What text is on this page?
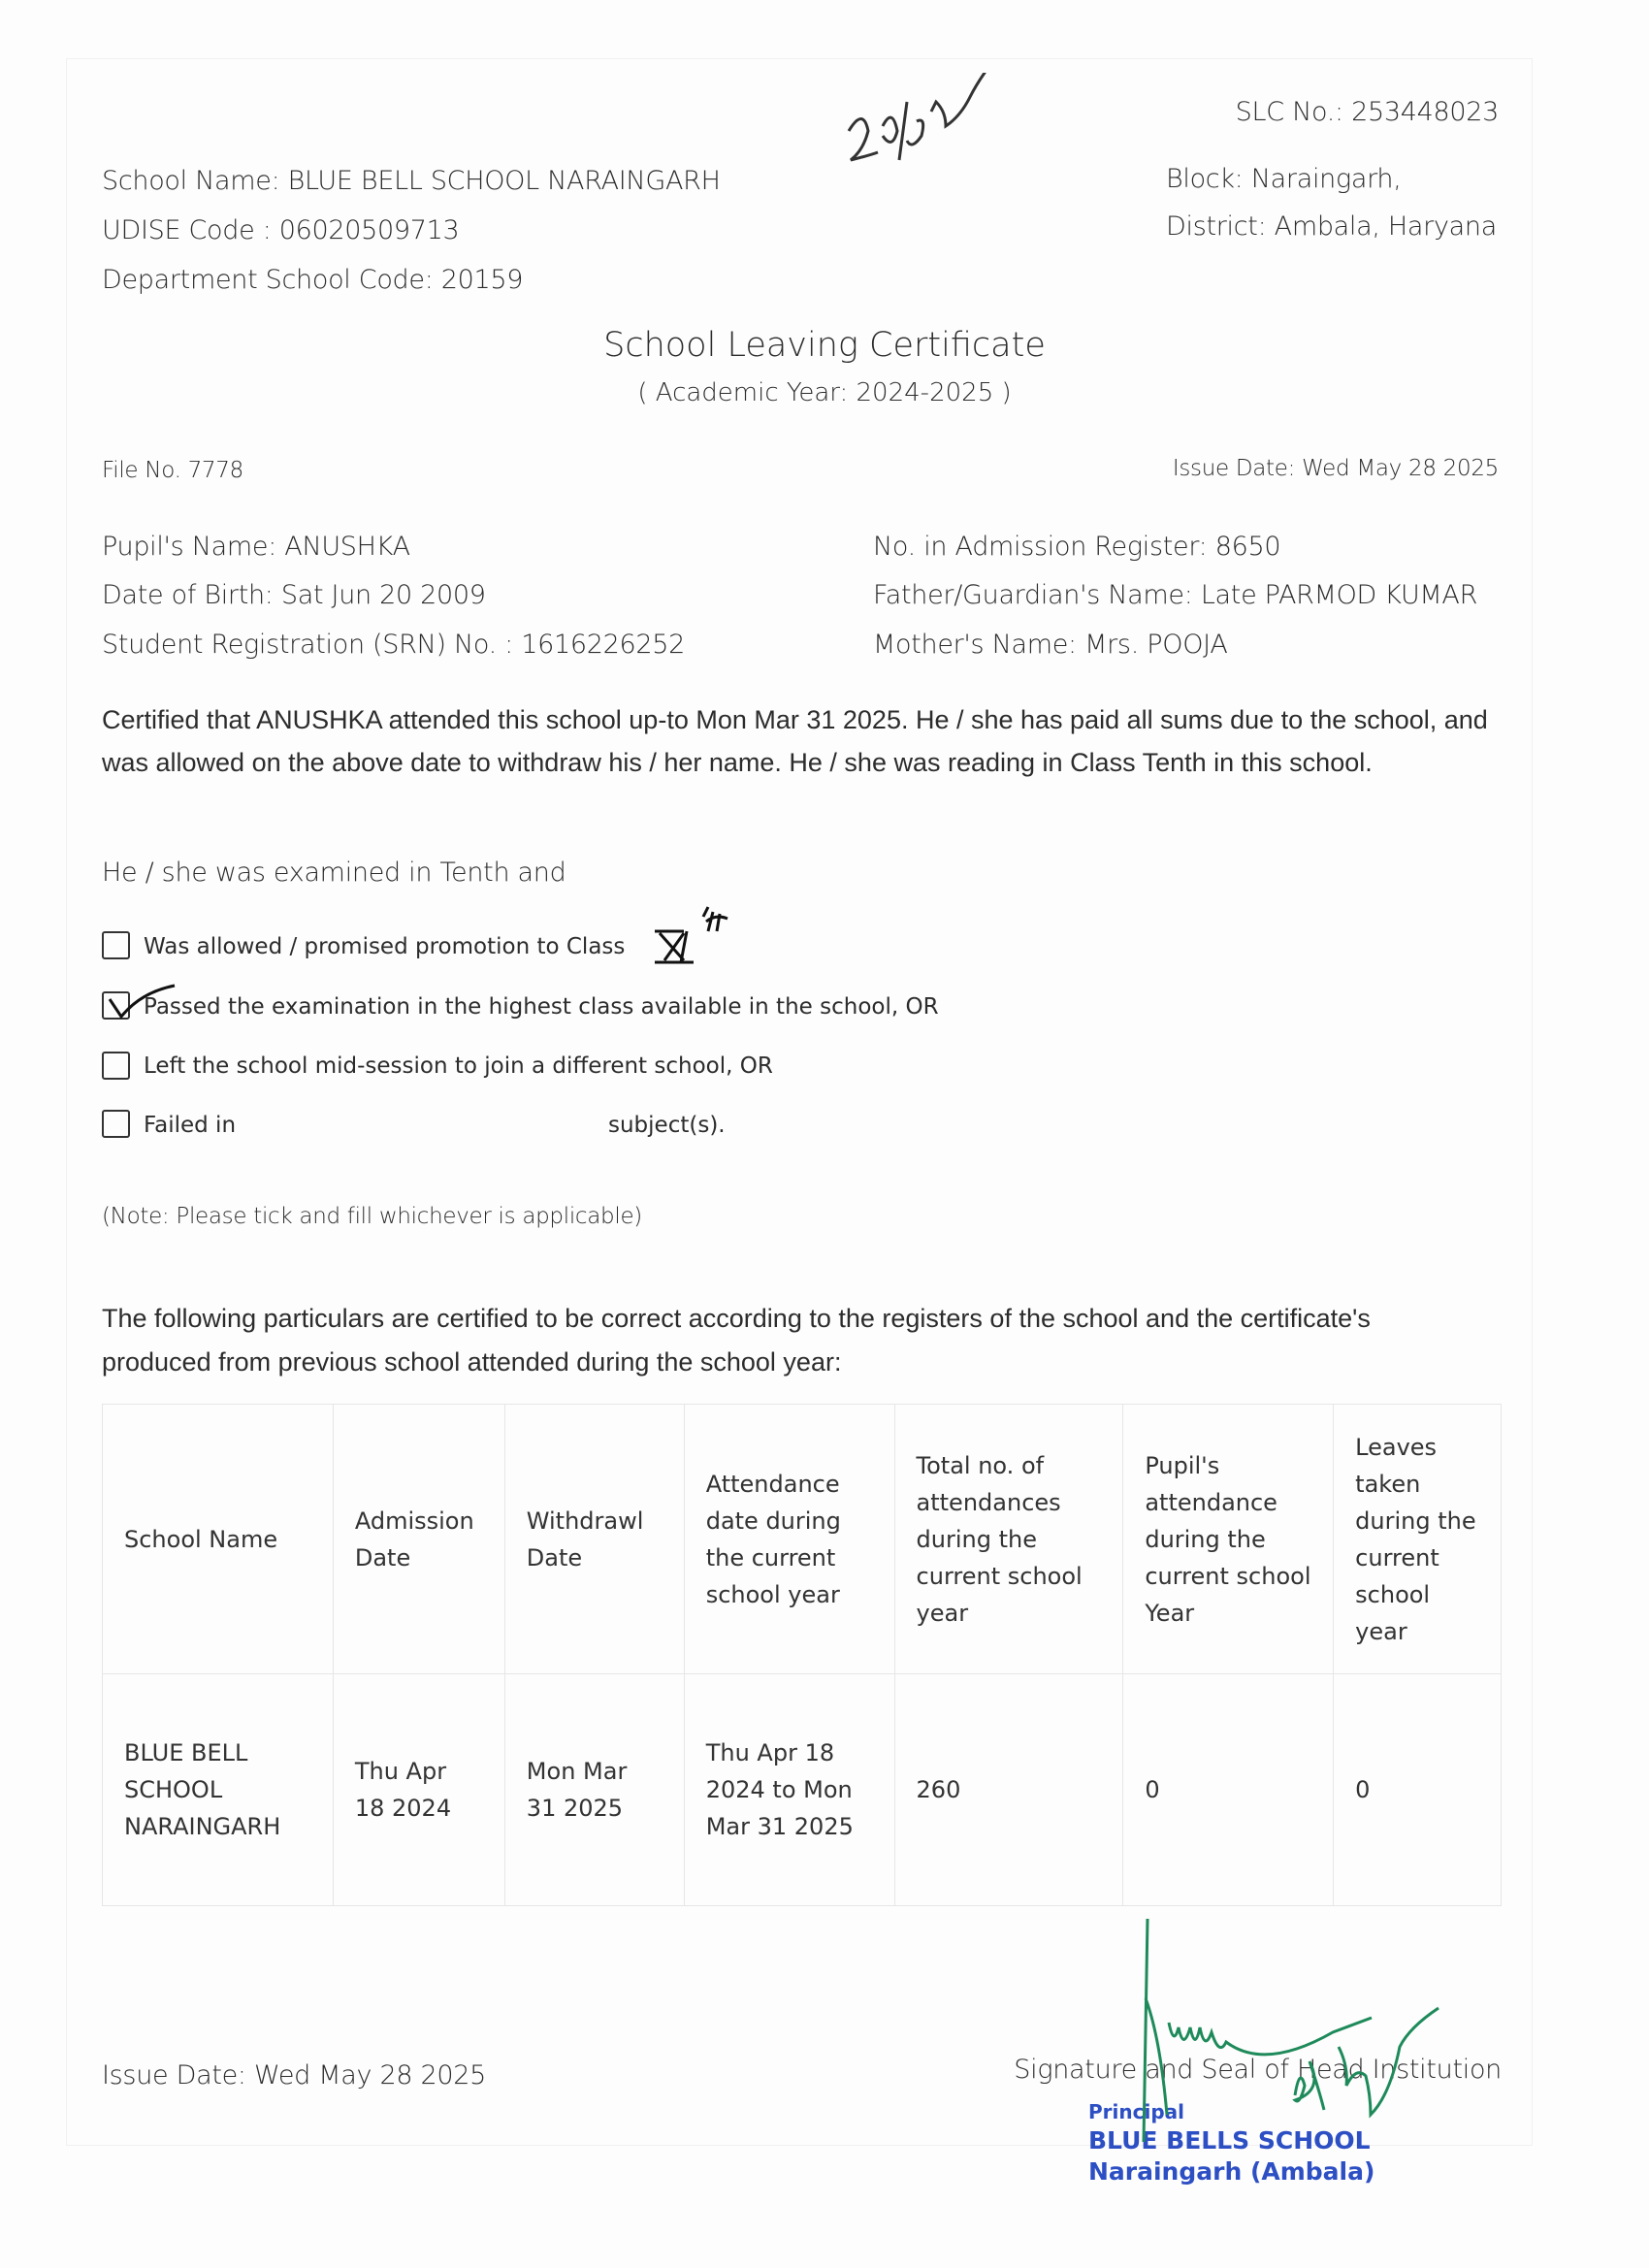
SLC No.: 253448023
School Name: BLUE BELL SCHOOL NARAINGARH
UDISE Code : 06020509713
Department School Code: 20159
Block: Naraingarh,
District: Ambala, Haryana
School Leaving Certificate
( Academic Year: 2024-2025 )
File No. 7778	Issue Date: Wed May 28 2025
Pupil's Name: ANUSHKA
Date of Birth: Sat Jun 20 2009
Student Registration (SRN) No. : 1616226252
No. in Admission Register: 8650
Father/Guardian's Name: Late PARMOD KUMAR
Mother's Name: Mrs. POOJA
Certified that ANUSHKA attended this school up-to Mon Mar 31 2025. He / she has paid all sums due to the school, and was allowed on the above date to withdraw his / her name. He / she was reading in Class Tenth in this school.
He / she was examined in Tenth and
Was allowed / promised promotion to Class
Passed the examination in the highest class available in the school, OR
Left the school mid-session to join a different school, OR
Failed in	subject(s).
(Note: Please tick and fill whichever is applicable)
The following particulars are certified to be correct according to the registers of the school and the certificate's produced from previous school attended during the school year:
School Name	Admission Date	Withdrawl Date	Attendance date during the current school year	Total no. of attendances during the current school year	Pupil's attendance during the current school Year	Leaves taken during the current school year
BLUE BELL SCHOOL NARAINGARH	Thu Apr 18 2024	Mon Mar 31 2025	Thu Apr 18 2024 to Mon Mar 31 2025	260	0	0
Issue Date: Wed May 28 2025	Signature and Seal of Head Institution
Principal
BLUE BELLS SCHOOL
Naraingarh (Ambala)
